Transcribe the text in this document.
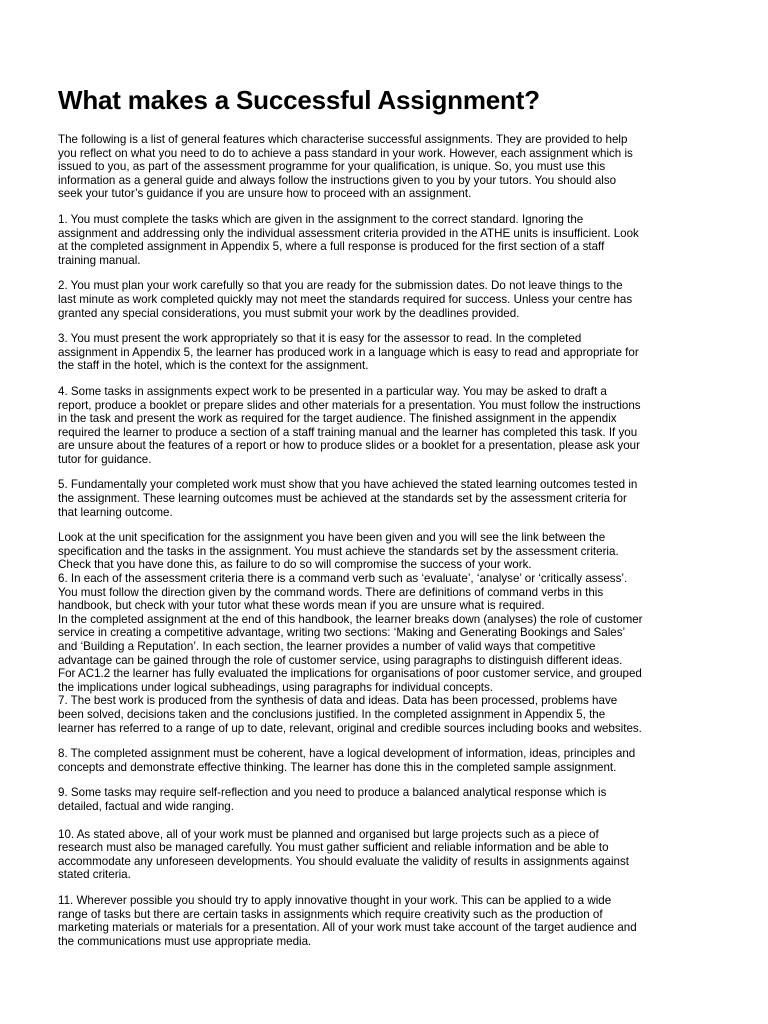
What makes a Successful Assignment?

The following is a list of general features which characterise successful assignments. They are provided to help
you reflect on what you need to do to achieve a pass standard in your work. However, each assignment which is
issued to you, as part of the assessment programme for your qualification, is unique. So, you must use this
information as a general guide and always follow the instructions given to you by your tutors. You should also
seek your tutor’s guidance if you are unsure how to proceed with an assignment.

1. You must complete the tasks which are given in the assignment to the correct standard. Ignoring the
assignment and addressing only the individual assessment criteria provided in the ATHE units is insufficient. Look
at the completed assignment in Appendix 5, where a full response is produced for the first section of a staff
training manual.

2. You must plan your work carefully so that you are ready for the submission dates. Do not leave things to the
last minute as work completed quickly may not meet the standards required for success. Unless your centre has
granted any special considerations, you must submit your work by the deadlines provided.

3. You must present the work appropriately so that it is easy for the assessor to read. In the completed
assignment in Appendix 5, the learner has produced work in a language which is easy to read and appropriate for
the staff in the hotel, which is the context for the assignment.

4. Some tasks in assignments expect work to be presented in a particular way. You may be asked to draft a
report, produce a booklet or prepare slides and other materials for a presentation. You must follow the instructions
in the task and present the work as required for the target audience. The finished assignment in the appendix
required the learner to produce a section of a staff training manual and the learner has completed this task. If you
are unsure about the features of a report or how to produce slides or a booklet for a presentation, please ask your
tutor for guidance.

5. Fundamentally your completed work must show that you have achieved the stated learning outcomes tested in
the assignment. These learning outcomes must be achieved at the standards set by the assessment criteria for
that learning outcome.

Look at the unit specification for the assignment you have been given and you will see the link between the
specification and the tasks in the assignment. You must achieve the standards set by the assessment criteria.
Check that you have done this, as failure to do so will compromise the success of your work.
6. In each of the assessment criteria there is a command verb such as ‘evaluate’, ‘analyse’ or ‘critically assess’.
You must follow the direction given by the command words. There are definitions of command verbs in this
handbook, but check with your tutor what these words mean if you are unsure what is required.
In the completed assignment at the end of this handbook, the learner breaks down (analyses) the role of customer
service in creating a competitive advantage, writing two sections: ‘Making and Generating Bookings and Sales’
and ‘Building a Reputation’. In each section, the learner provides a number of valid ways that competitive
advantage can be gained through the role of customer service, using paragraphs to distinguish different ideas.
For AC1.2 the learner has fully evaluated the implications for organisations of poor customer service, and grouped
the implications under logical subheadings, using paragraphs for individual concepts.
7. The best work is produced from the synthesis of data and ideas. Data has been processed, problems have
been solved, decisions taken and the conclusions justified. In the completed assignment in Appendix 5, the
learner has referred to a range of up to date, relevant, original and credible sources including books and websites.

8. The completed assignment must be coherent, have a logical development of information, ideas, principles and
concepts and demonstrate effective thinking. The learner has done this in the completed sample assignment.

9. Some tasks may require self-reflection and you need to produce a balanced analytical response which is
detailed, factual and wide ranging.

10. As stated above, all of your work must be planned and organised but large projects such as a piece of
research must also be managed carefully. You must gather sufficient and reliable information and be able to
accommodate any unforeseen developments. You should evaluate the validity of results in assignments against
stated criteria.

11. Wherever possible you should try to apply innovative thought in your work. This can be applied to a wide
range of tasks but there are certain tasks in assignments which require creativity such as the production of
marketing materials or materials for a presentation. All of your work must take account of the target audience and
the communications must use appropriate media.
